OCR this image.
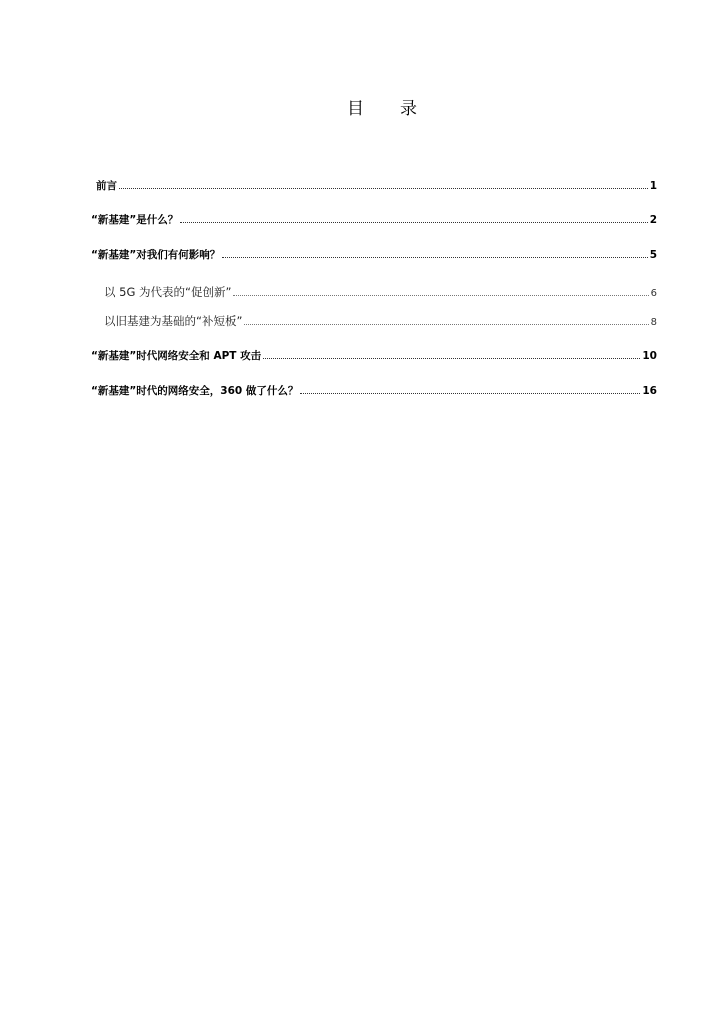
目 录
前言	1
“新基建”是什么？	2
“新基建”对我们有何影响？	5
以 5G 为代表的“促创新”	6
以旧基建为基础的“补短板”	8
“新基建”时代网络安全和 APT 攻击	10
“新基建”时代的网络安全，360 做了什么？	16
